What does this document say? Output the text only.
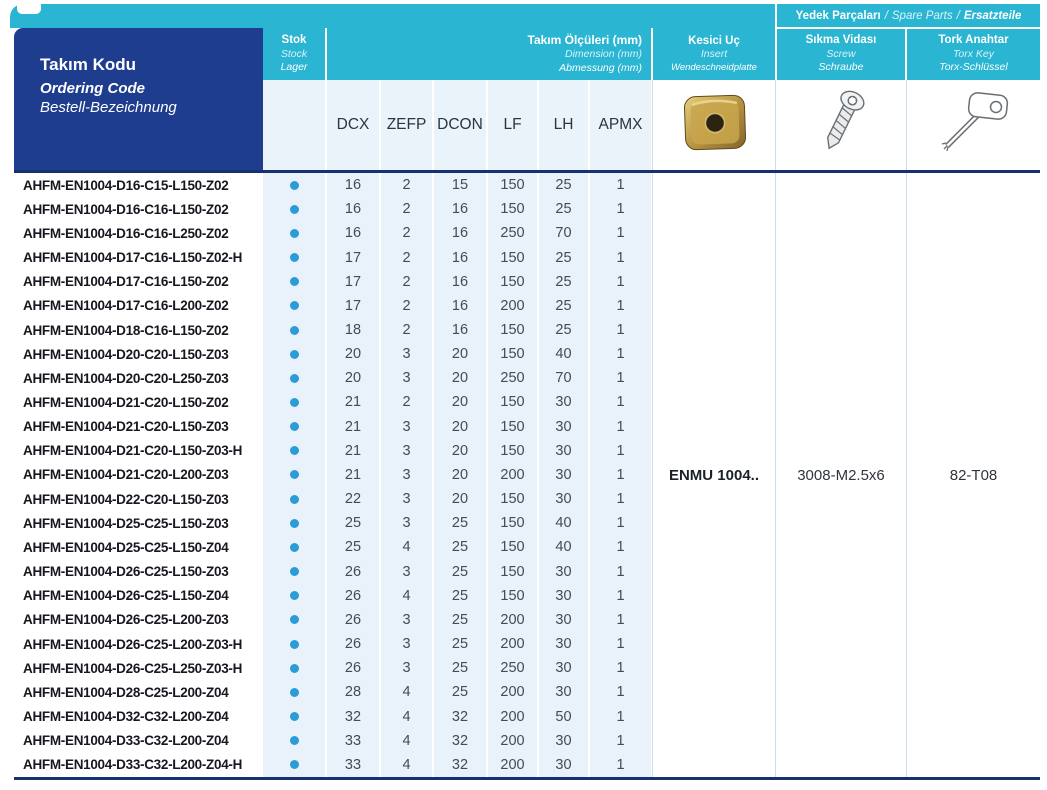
Yedek Parçaları / Spare Parts / Ersatzteile
Takım Kodu
Ordering Code
Bestell-Bezeichnung
Stok
Stock
Lager
Takım Ölçüleri (mm)
Dimension (mm)
Abmessung (mm)
Kesici Uç
Insert
Wendeschneidplatte
Sıkma Vidası
Screw
Schraube
Tork Anahtar
Torx Key
Torx-Schlüssel
DCX	ZEFP DCON	LF	LH	APMX
AHFM-EN1004-D16-C15-L150-Z02	16	2	15	150	25	1
AHFM-EN1004-D16-C16-L150-Z02	16	2	16	150	25	1
AHFM-EN1004-D16-C16-L250-Z02	16	2	16	250	70	1
AHFM-EN1004-D17-C16-L150-Z02-H	17	2	16	150	25	1
AHFM-EN1004-D17-C16-L150-Z02	17	2	16	150	25	1
AHFM-EN1004-D17-C16-L200-Z02	17	2	16	200	25	1
AHFM-EN1004-D18-C16-L150-Z02	18	2	16	150	25	1
AHFM-EN1004-D20-C20-L150-Z03	20	3	20	150	40	1
AHFM-EN1004-D20-C20-L250-Z03	20	3	20	250	70	1
AHFM-EN1004-D21-C20-L150-Z02	21	2	20	150	30	1
AHFM-EN1004-D21-C20-L150-Z03	21	3	20	150	30	1
AHFM-EN1004-D21-C20-L150-Z03-H	21	3	20	150	30	1
AHFM-EN1004-D21-C20-L200-Z03	21	3	20	200	30	1
AHFM-EN1004-D22-C20-L150-Z03	22	3	20	150	30	1
AHFM-EN1004-D25-C25-L150-Z03	25	3	25	150	40	1
AHFM-EN1004-D25-C25-L150-Z04	25	4	25	150	40	1
AHFM-EN1004-D26-C25-L150-Z03	26	3	25	150	30	1
AHFM-EN1004-D26-C25-L150-Z04	26	4	25	150	30	1
AHFM-EN1004-D26-C25-L200-Z03	26	3	25	200	30	1
AHFM-EN1004-D26-C25-L200-Z03-H	26	3	25	200	30	1
AHFM-EN1004-D26-C25-L250-Z03-H	26	3	25	250	30	1
AHFM-EN1004-D28-C25-L200-Z04	28	4	25	200	30	1
AHFM-EN1004-D32-C32-L200-Z04	32	4	32	200	50	1
AHFM-EN1004-D33-C32-L200-Z04	33	4	32	200	30	1
AHFM-EN1004-D33-C32-L200-Z04-H	33	4	32	200	30	1
ENMU 1004..	3008-M2.5x6	82-T08
